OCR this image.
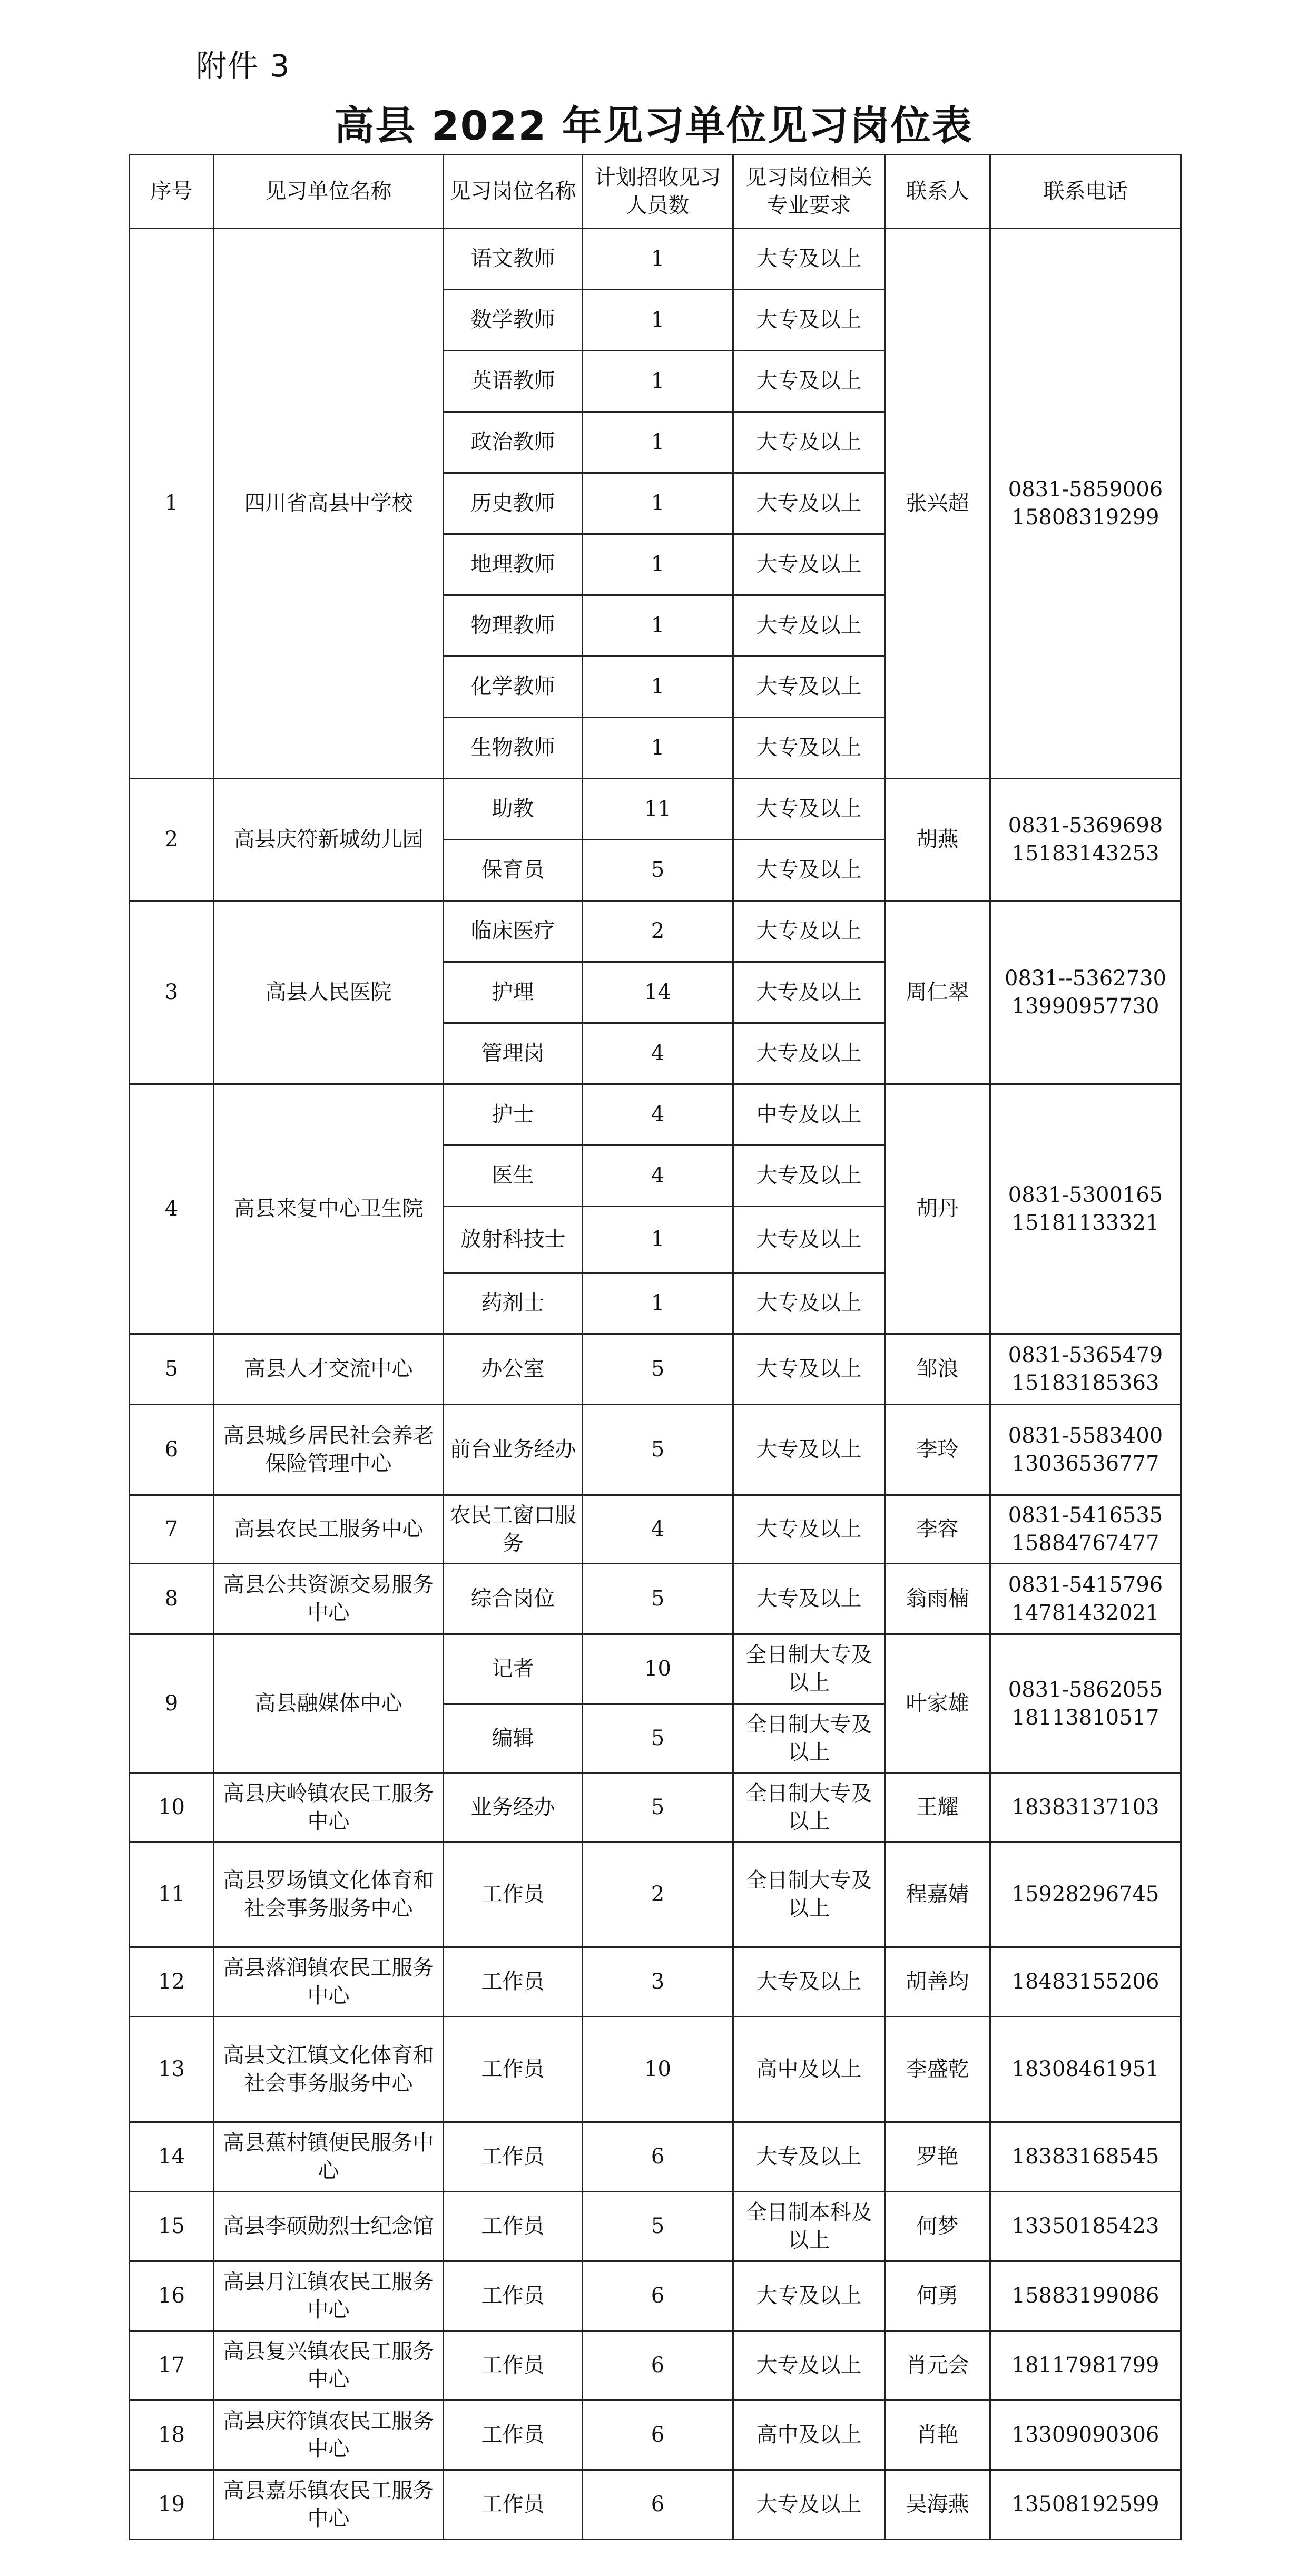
附件 3
高县 2022 年见习单位见习岗位表
序号	见习单位名称	见习岗位名称	计划招收见习人员数	见习岗位相关专业要求	联系人	联系电话
1	四川省高县中学校	语文教师	1	大专及以上	张兴超	0831-5859006
15808319299

		数学教师	1	大专及以上		
		英语教师	1	大专及以上		
		政治教师	1	大专及以上		
		历史教师	1	大专及以上		
		地理教师	1	大专及以上		
		物理教师	1	大专及以上		
		化学教师	1	大专及以上		
		生物教师	1	大专及以上		
2	高县庆符新城幼儿园	助教	11	大专及以上	胡燕	0831-5369698
15183143253

		保育员	5	大专及以上		
3	高县人民医院	临床医疗	2	大专及以上	周仁翠	0831--5362730
13990957730

		护理	14	大专及以上		
		管理岗	4	大专及以上		
4	高县来复中心卫生院	护士	4	中专及以上	胡丹	0831-5300165
15181133321

		医生	4	大专及以上		
		放射科技士	1	大专及以上		
		药剂士	1	大专及以上		
5	高县人才交流中心	办公室	5	大专及以上	邹浪	0831-5365479
15183185363

6	高县城乡居民社会养老保险管理中心	前台业务经办	5	大专及以上	李玲	0831-5583400
13036536777

7	高县农民工服务中心	农民工窗口服务	4	大专及以上	李容	0831-5416535
15884767477

8	高县公共资源交易服务中心	综合岗位	5	大专及以上	翁雨楠	0831-5415796
14781432021

9	高县融媒体中心	记者	10	全日制大专及以上	叶家雄	0831-5862055
18113810517

		编辑	5	全日制大专及以上		
10	高县庆岭镇农民工服务中心	业务经办	5	全日制大专及以上	王耀	18383137103

11	高县罗场镇文化体育和社会事务服务中心	工作员	2	全日制大专及以上	程嘉婧	15928296745

12	高县落润镇农民工服务中心	工作员	3	大专及以上	胡善均	18483155206

13	高县文江镇文化体育和社会事务服务中心	工作员	10	高中及以上	李盛乾	18308461951

14	高县蕉村镇便民服务中心	工作员	6	大专及以上	罗艳	18383168545

15	高县李硕勋烈士纪念馆	工作员	5	全日制本科及以上	何梦	13350185423

16	高县月江镇农民工服务中心	工作员	6	大专及以上	何勇	15883199086

17	高县复兴镇农民工服务中心	工作员	6	大专及以上	肖元会	18117981799

18	高县庆符镇农民工服务中心	工作员	6	高中及以上	肖艳	13309090306

19	高县嘉乐镇农民工服务中心	工作员	6	大专及以上	吴海燕	13508192599
